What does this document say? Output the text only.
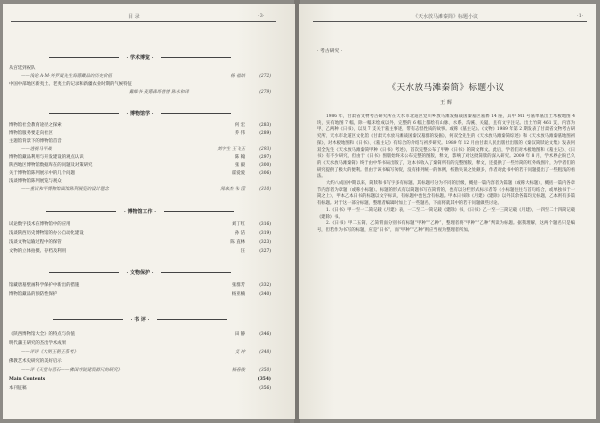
目 录	·3·
· 学术博览 ·
从宫廷到祝队
——浅论 A·M·外罗夏先生海德藏品的历史价值	杨 福培	(272)
中国中部地区新夷土、老夷土的记录和新疆农业时期的气候特征
戴维书·麦德森哥普曾 陈永和译	(279)
· 博物馆学 ·
博物馆社会教育途径之探索	何 宏	(283)
博物馆服务要走向社区	乔 伟	(289)
主题馆背景下的博物馆首音
——透视马平战	刘宇生 王飞玉	(293)
博物馆藏品利用与开发建设的观点认识	陈 翰	(297)
陕西地区博物馆数据库在的问题及对策研究	张 毅	(300)
关于博物馆陈列展示中的几个问题	霍爱爱	(306)
浅谈博物馆陈列展览与观众
——重议和平博物馆面馆陈列展览的设计理念	闻来杰 朱 滢	(310)
· 博物馆工作 ·
试论数字技术在博物馆中的应用	刘丁红	(316)
浅谈陕西历史博物馆的办公自动化建设	孙 洁	(319)
浅谈文物运输过程中的保管	陈 直林	(323)
文物的立体拍摄、存档及利用	汪	(327)
· 文物保护 ·
馆藏唐墓壁画科学保护中新出的措施	张群芳	(332)
博物馆藏品的预防性保护	杨亚楠	(340)
· 书 评 ·
《陕西博物馆大全》的特点与价值	田 静	(346)
明代藩王研究的杰出学术成果
——评评《大明王朝王系考》	艾 冲	(348)
佛教艺术史研究的美好启示
——评《天堂与菩石——佛国寺院建筑群尺的研究》	杨春俊	(350)
Main Contents	(354)
本刊征稿	(356)
《天水放马滩秦简》标题小议	·1·
· 考古研究 ·
《天水放马滩秦简》标题小议
王 辉

1986 年，甘肃省文物考古研究所在天水市北道区党川乡放马滩发掘战国秦墓区墓葬 14 座，其中 M1 号墓单墓出土木板地图 4 块，实有地图 7 幅，除一幅未绘成以外，完整的 6 幅上都绘有山脉、水系、沟溪、关隘，且有文字注记。出土竹简 461 支，内容为甲、乙两种《日书》，以及 7 支关于墓主事迹，带有志怪性质的故事。或称《墓主记》。《文物》1989 年第 2 期发表了甘肃省文物考古研究所、天水市北道区文化馆《甘肃天水放马滩战国秦汉墓群的发掘》，何双全先生的《天水放马滩秦简综述》和《天水放马滩秦墓地图初探》，对木板地图和《日书》、《墓主记》有综合的介绍与初步研究。1989 年 12 月由甘肃人民出版社出版的《秦汉简牍论文集》发表何双全先生《天水放马滩秦简甲种《日书》考述》，首次完整公布了甲种《日书》的简文释文。此后，学者们对木板地图和《墓主记》、《日书》有不少研究，但由于《日书》图版始终未公布完整的图版，释文，影响了对这批简牍的深入研究。2009 年 8 月，学术界企盼已久的《天水放马滩秦简》终于由中华书局出版了，这本书收入了秦简所有的完整图版、释文，还提供了一些竹简的红外线图片，为学者们的研究提供了极大的便利。但由于该书编写匆促，没有排列统一的体例，校勘失误之处颇多，作者对此书中的若干问题提出了一些粗浅的看法。

大约八成国中期以来，简牍和书写字多有标题。其标题可分为不同的层级，概括一篇内容者为篇题（或称大标题），概括一篇内各章节内容者为章题（或称小标题）。标题的形式有以简题书写在简背的，也有以分栏形式标示者等（小标题往往与首句结合，或单独书于一简之上），甲本乙本日书的标题以文字标识，有标题中也包含有标题。甲本日书除《月建》《建除》以外其余各篇均无标题，乙本则有多篇有标题。对于这一部分标题，整理者编辑时加上了一些题名，下面将就其中的若干问题做些讨论。

1.《日书》甲一至一二简记载《月建》表，一二至二一简记载《建除》书，《日书》乙一至一三简记载《月建》，一四至二十四简记载《建除》书。

2.《日书》甲二五简、乙简背面分别书有标题“甲种”“乙种”，整理者将“甲种”“乙种”判读为标题。据我理解，这两个题名只是编号，但若作为书写的标题，应是“日书”，而“甲种”“乙种”则应当视为整理者所加。
